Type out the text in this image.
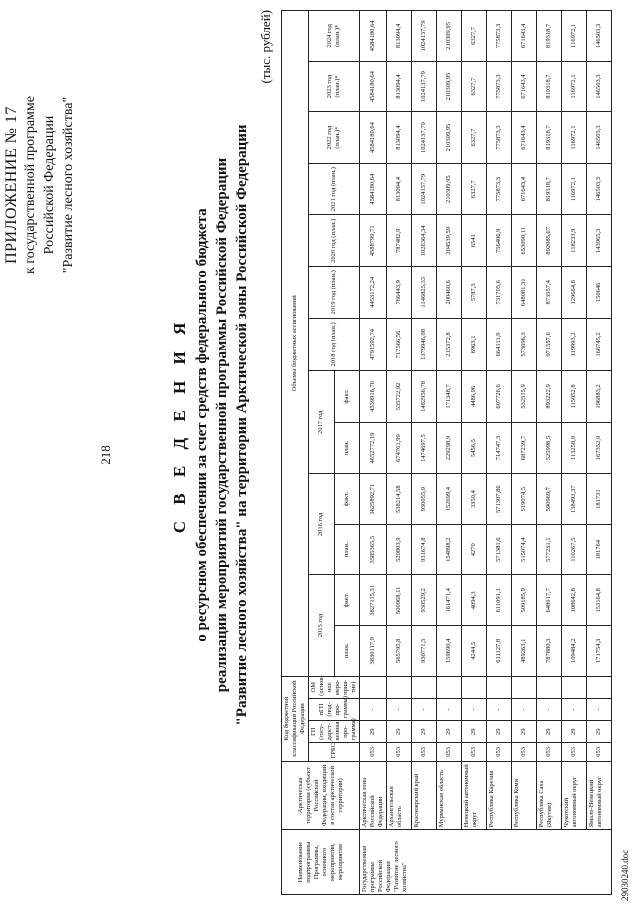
218
ПРИЛОЖЕНИЕ № 17 к государственной программе Российской Федерации "Развитие лесного хозяйства"
С В Е Д Е Н И Я о ресурсном обеспечении за счет средств федерального бюджета реализации мероприятий государственной программы Российской Федерации "Развитие лесного хозяйства" на территории Арктической зоны Российской Федерации
(тыс. рублей)
Наименование подпрограммы Программы, основного мероприятия, мероприятия	Арктическая территория (субъект Российской Федерации, входящий в состав арктической территории)	Код бюджетной классификации Российской Федерации				Объемы бюджетных ассигнований												
		ГРБС	ГП (госу-дарст-венная про-грамма)	пГП (под-про-грамма)	ОМ (основ-ное меро-прия-тие)	2015 год		2016 год		2017 год		2018 год (план.)	2019 год (план.)	2020 год (план.)	2021 год (план.)	2022 год (план.)*	2023 год (план.)*	2024 год (план.)*
						план.	факт.	план.	факт.	план.	факт.							
Государственная программа Российской Федерации "Развитие лесного хозяйства"	Арктическая зона Российской Федерации	053	29	-		3830117,9	3827115,31	3585365,5	3625892,71	4652772,19	4539916,76	4791592,74	4453172,24	4588799,71	4584180,64	4584180,64	4584180,64	4584180,64
	Архангельская область	053	29	-		565795,8	500968,11	520803,9	538214,58	674761,99	535722,92	717566,56	766443,9	787482,9	813094,4	813094,4	813094,4	813094,4
	Красноярский край	053	29	-		930771,5	930529,2	931674,8	930055,9	1474697,5	1482956,78	1379946,08	1146825,33	1026364,34	1024137,79	1024137,79	1024137,79	1024137,79
	Мурманская область	053	29	-		159690,4	161471,4	154898,2	152699,4	229298,9	171348,7	215372,8	200460,6	204539,59	210309,95	210309,95	210309,95	210309,95
	Ненецкий автономный округ	053	29	-		4244,5	4094,3	4270	3350,4	5456,5	4486,96	6963,1	5787,3	6541	6327,7	6327,7	6327,7	6327,7
	Республика Карелия	053	29	-		611127,8	611091,1	571381,6	571307,86	714747,3	607726,6	664111,9	731705,6	756406,9	775873,3	775873,3	775873,3	775873,3
	Республика Коми	053	29	-		489263,1	509185,9	515074,4	519074,5	687239,7	532515,9	573696,3	648081,31	653090,11	671643,4	671643,4	671643,4	671643,4
	Республика Саха (Якутия)	053	29	-		787880,3	648017,7	577231,1	590969,7	525998,5	893222,9	971557,6	873557,4	892085,67	819318,7	819318,7	819318,7	819318,7
	Чукотский автономный округ	053	29	-		109484,2	108642,8	110267,5	138493,37	113258,9	115052,8	119993,2	129664,8	118233,9	116972,1	116972,1	116972,1	116972,1
	Ямало-Ненецкий автономный округ	053	29	-		171754,3	153164,8	181764	181731	167352,9	196883,2	166745,2	150646	143965,3	146503,3	146503,3	146503,3	146503,3
29030240.doc
